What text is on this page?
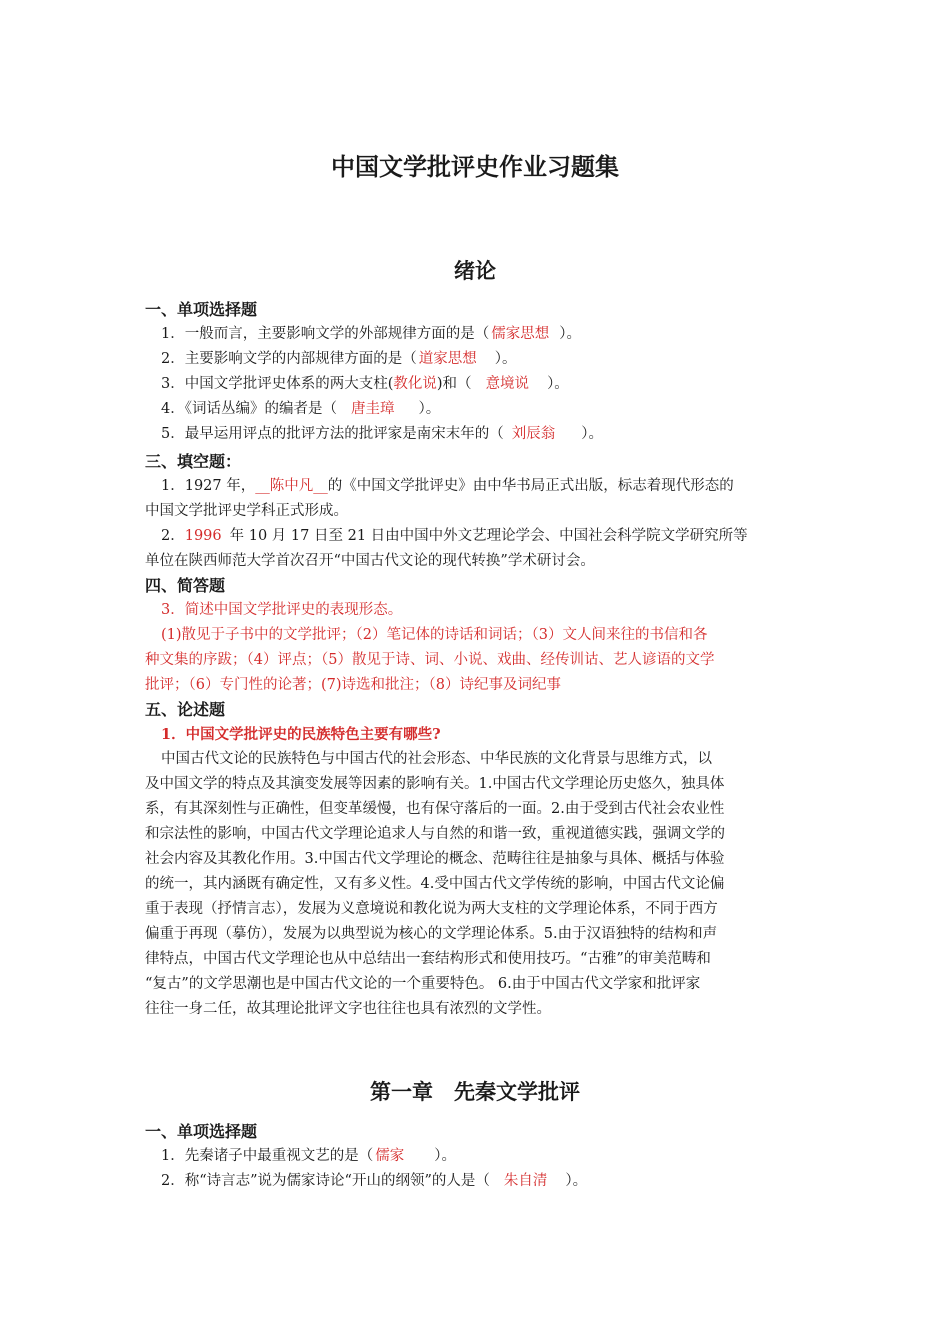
中国文学批评史作业习题集
绪论
一、单项选择题
1．一般而言，主要影响文学的外部规律方面的是（ 儒家思想 ）。
2．主要影响文学的内部规律方面的是（ 道家思想 ）。
3．中国文学批评史体系的两大支柱(教化说)和（ 意境说 ）。
4．《词话丛编》的编者是（ 唐圭璋 ）。
5．最早运用评点的批评方法的批评家是南宋末年的（ 刘辰翁 ）。
三、填空题：
1．1927 年，__陈中凡__的《中国文学批评史》由中华书局正式出版，标志着现代形态的
中国文学批评史学科正式形成。
2．1996 年 10 月 17 日至 21 日由中国中外文艺理论学会、中国社会科学院文学研究所等
单位在陕西师范大学首次召开“中国古代文论的现代转换”学术研讨会。
四、简答题
3．简述中国文学批评史的表现形态。
(1)散见于子书中的文学批评；（2）笔记体的诗话和词话；（3）文人间来往的书信和各
种文集的序跋；（4）评点；（5）散见于诗、词、小说、戏曲、经传训诂、艺人谚语的文学
批评；（6）专门性的论著；(7)诗选和批注；（8）诗纪事及词纪事
五、论述题
1．中国文学批评史的民族特色主要有哪些?
中国古代文论的民族特色与中国古代的社会形态、中华民族的文化背景与思维方式，以
及中国文学的特点及其演变发展等因素的影响有关。1.中国古代文学理论历史悠久，独具体
系，有其深刻性与正确性，但变革缓慢，也有保守落后的一面。2.由于受到古代社会农业性
和宗法性的影响，中国古代文学理论追求人与自然的和谐一致，重视道德实践，强调文学的
社会内容及其教化作用。3.中国古代文学理论的概念、范畴往往是抽象与具体、概括与体验
的统一，其内涵既有确定性，又有多义性。4.受中国古代文学传统的影响，中国古代文论偏
重于表现（抒情言志），发展为义意境说和教化说为两大支柱的文学理论体系，不同于西方
偏重于再现（摹仿），发展为以典型说为核心的文学理论体系。5.由于汉语独特的结构和声
律特点，中国古代文学理论也从中总结出一套结构形式和使用技巧。“古雅”的审美范畴和
“复古”的文学思潮也是中国古代文论的一个重要特色。 6.由于中国古代文学家和批评家
往往一身二任，故其理论批评文字也往往也具有浓烈的文学性。
第一章　先秦文学批评
一、单项选择题
1．先秦诸子中最重视文艺的是（ 儒家 ）。
2．称“诗言志”说为儒家诗论“开山的纲领”的人是（ 朱自清 ）。
